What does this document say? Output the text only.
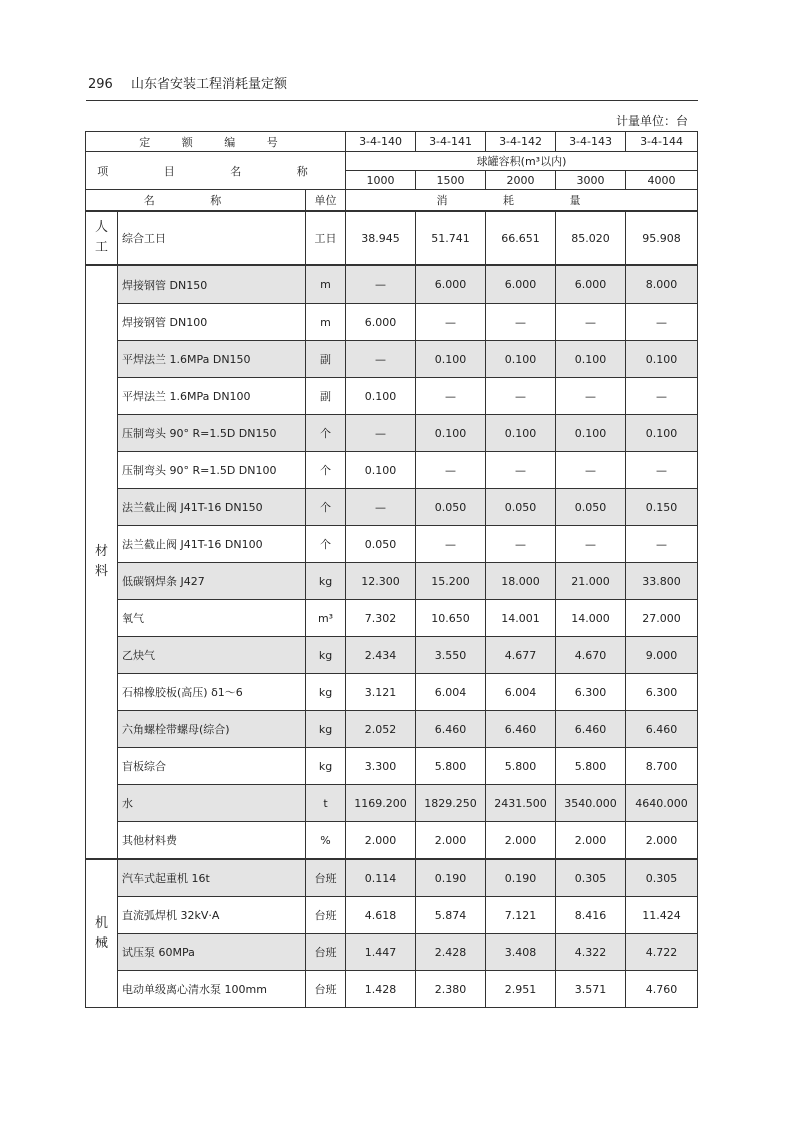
296 山东省安装工程消耗量定额
计量单位：台
定 额 编 号			3-4-140	3-4-141	3-4-142	3-4-143	3-4-144
项 目 名 称			球罐容积(m³以内)				
			1000	1500	2000	3000	4000
名 称		单位	消 耗 量				
人
工	综合工日	工日	38.945	51.741	66.651	85.020	95.908
材
料	焊接钢管 DN150	m	—	6.000	6.000	6.000	8.000
	焊接钢管 DN100	m	6.000	—	—	—	—
	平焊法兰 1.6MPa DN150	副	—	0.100	0.100	0.100	0.100
	平焊法兰 1.6MPa DN100	副	0.100	—	—	—	—
	压制弯头 90° R=1.5D DN150	个	—	0.100	0.100	0.100	0.100
	压制弯头 90° R=1.5D DN100	个	0.100	—	—	—	—
	法兰截止阀 J41T-16 DN150	个	—	0.050	0.050	0.050	0.150
	法兰截止阀 J41T-16 DN100	个	0.050	—	—	—	—
	低碳钢焊条 J427	kg	12.300	15.200	18.000	21.000	33.800
	氧气	m³	7.302	10.650	14.001	14.000	27.000
	乙炔气	kg	2.434	3.550	4.677	4.670	9.000
	石棉橡胶板(高压) δ1～6	kg	3.121	6.004	6.004	6.300	6.300
	六角螺栓带螺母(综合)	kg	2.052	6.460	6.460	6.460	6.460
	盲板综合	kg	3.300	5.800	5.800	5.800	8.700
	水	t	1169.200	1829.250	2431.500	3540.000	4640.000
	其他材料费	%	2.000	2.000	2.000	2.000	2.000
机
械	汽车式起重机 16t	台班	0.114	0.190	0.190	0.305	0.305
	直流弧焊机 32kV·A	台班	4.618	5.874	7.121	8.416	11.424
	试压泵 60MPa	台班	1.447	2.428	3.408	4.322	4.722
	电动单级离心清水泵 100mm	台班	1.428	2.380	2.951	3.571	4.760
